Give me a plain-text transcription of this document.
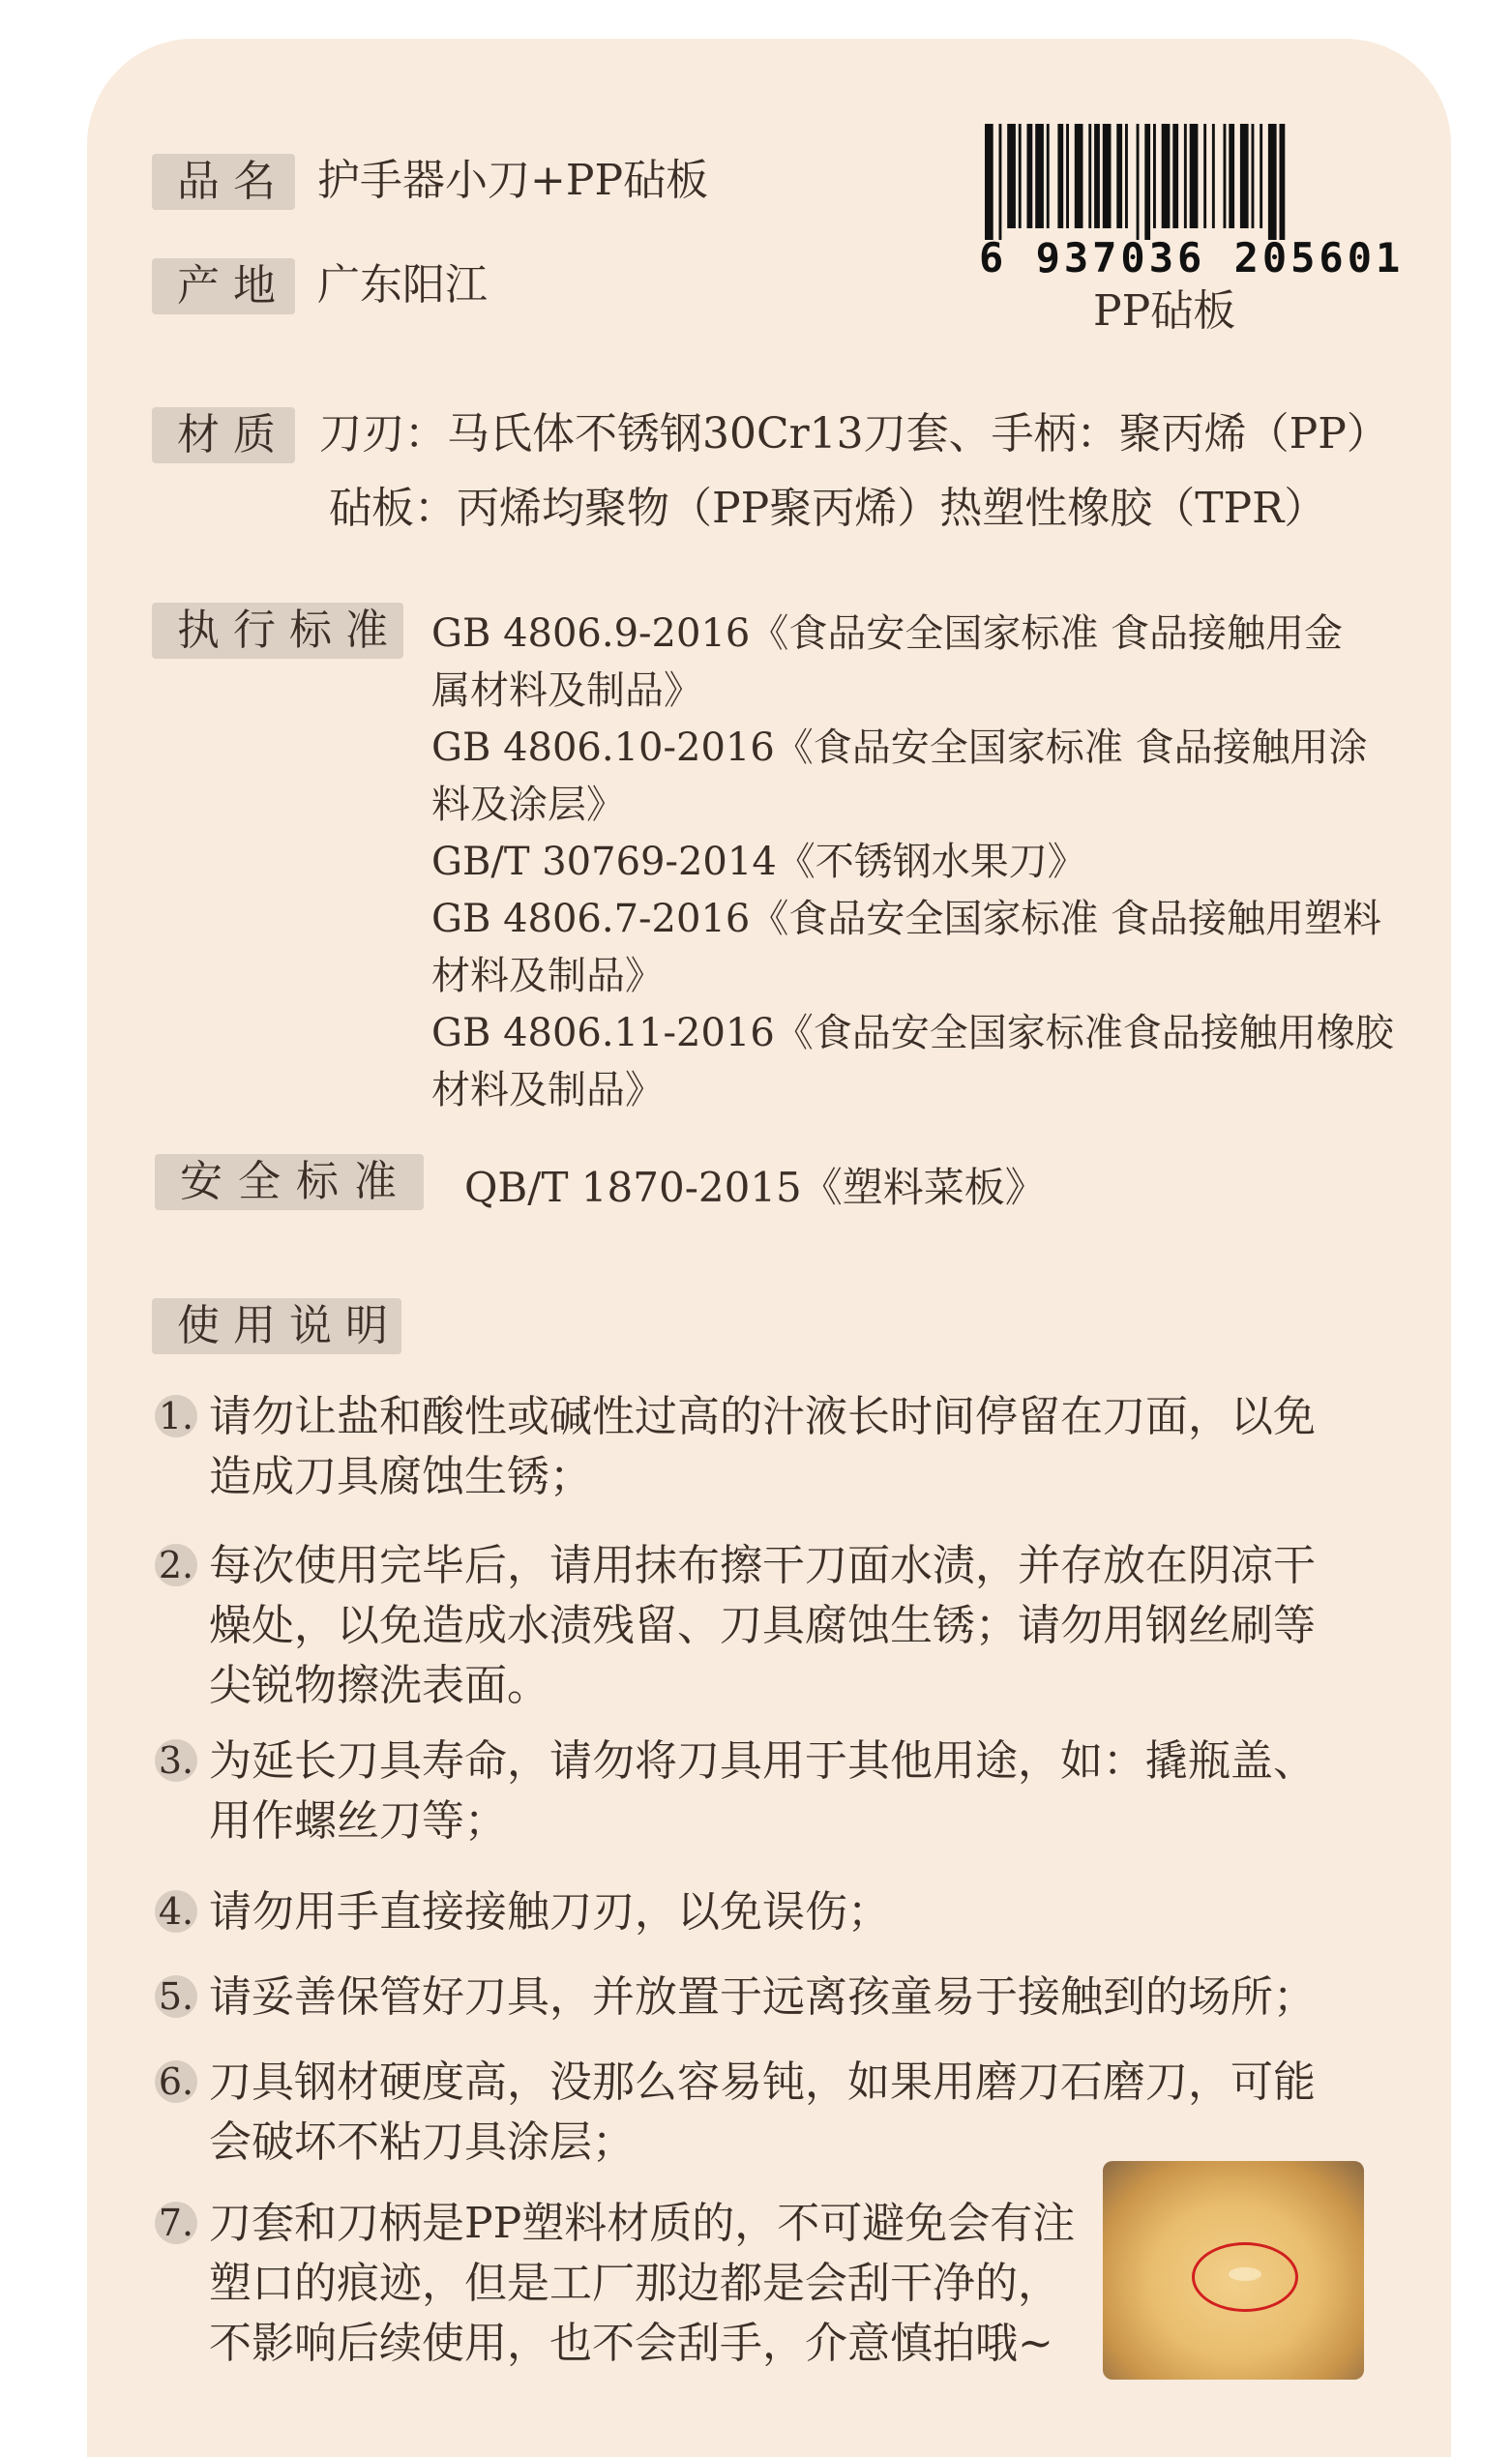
品名 护手器小刀+PP砧板
产地 广东阳江
6 937036 205601
PP砧板
材质 刀刃：马氏体不锈钢30Cr13刀套、手柄：聚丙烯（PP）
砧板：丙烯均聚物（PP聚丙烯）热塑性橡胶（TPR）
执行标准 GB 4806.9-2016《食品安全国家标准 食品接触用金
属材料及制品》
GB 4806.10-2016《食品安全国家标准 食品接触用涂
料及涂层》
GB/T 30769-2014《不锈钢水果刀》
GB 4806.7-2016《食品安全国家标准 食品接触用塑料
材料及制品》
GB 4806.11-2016《食品安全国家标准食品接触用橡胶
材料及制品》
安全标准 QB/T 1870-2015《塑料菜板》
使用说明
1. 请勿让盐和酸性或碱性过高的汁液长时间停留在刀面，以免
造成刀具腐蚀生锈；
2. 每次使用完毕后，请用抹布擦干刀面水渍，并存放在阴凉干
燥处，以免造成水渍残留、刀具腐蚀生锈；请勿用钢丝刷等
尖锐物擦洗表面。
3. 为延长刀具寿命，请勿将刀具用于其他用途，如：撬瓶盖、
用作螺丝刀等；
4. 请勿用手直接接触刀刃，以免误伤；
5. 请妥善保管好刀具，并放置于远离孩童易于接触到的场所；
6. 刀具钢材硬度高，没那么容易钝，如果用磨刀石磨刀，可能
会破坏不粘刀具涂层；
7. 刀套和刀柄是PP塑料材质的，不可避免会有注
塑口的痕迹，但是工厂那边都是会刮干净的，
不影响后续使用，也不会刮手，介意慎拍哦~
